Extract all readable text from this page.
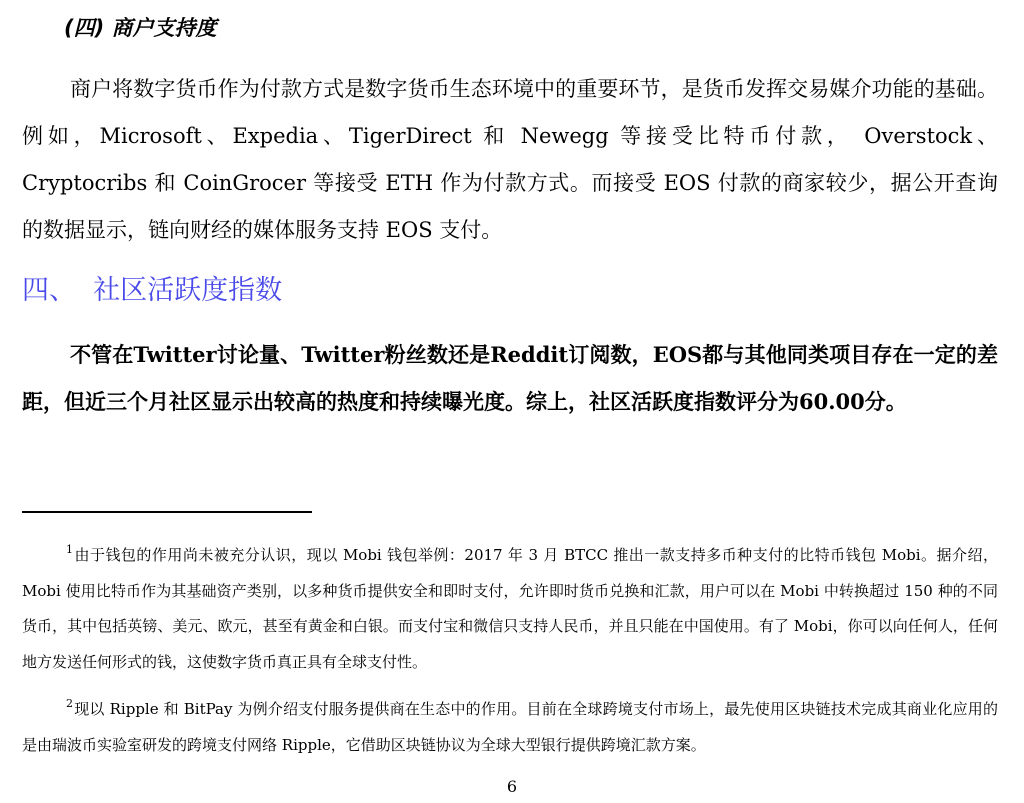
(四) 商户支持度

商户将数字货币作为付款方式是数字货币生态环境中的重要环节，是货币发挥交易媒介功能的基础。例如，Microsoft、Expedia、TigerDirect 和 Newegg 等接受比特币付款， Overstock、Cryptocribs 和 CoinGrocer 等接受 ETH 作为付款方式。而接受 EOS 付款的商家较少，据公开查询的数据显示，链向财经的媒体服务支持 EOS 支付。

四、  社区活跃度指数

不管在Twitter讨论量、Twitter粉丝数还是Reddit订阅数，EOS都与其他同类项目存在一定的差距，但近三个月社区显示出较高的热度和持续曝光度。综上，社区活跃度指数评分为60.00分。

$^1$由于钱包的作用尚未被充分认识，现以 Mobi 钱包举例：2017 年 3 月 BTCC 推出一款支持多币种支付的比特币钱包 Mobi。据介绍，Mobi 使用比特币作为其基础资产类别，以多种货币提供安全和即时支付，允许即时货币兑换和汇款，用户可以在 Mobi 中转换超过 150 种的不同货币，其中包括英镑、美元、欧元，甚至有黄金和白银。而支付宝和微信只支持人民币，并且只能在中国使用。有了 Mobi，你可以向任何人，任何地方发送任何形式的钱，这使数字货币真正具有全球支付性。

$^2$现以 Ripple 和 BitPay 为例介绍支付服务提供商在生态中的作用。目前在全球跨境支付市场上，最先使用区块链技术完成其商业化应用的是由瑞波币实验室研发的跨境支付网络 Ripple，它借助区块链协议为全球大型银行提供跨境汇款方案。

6
